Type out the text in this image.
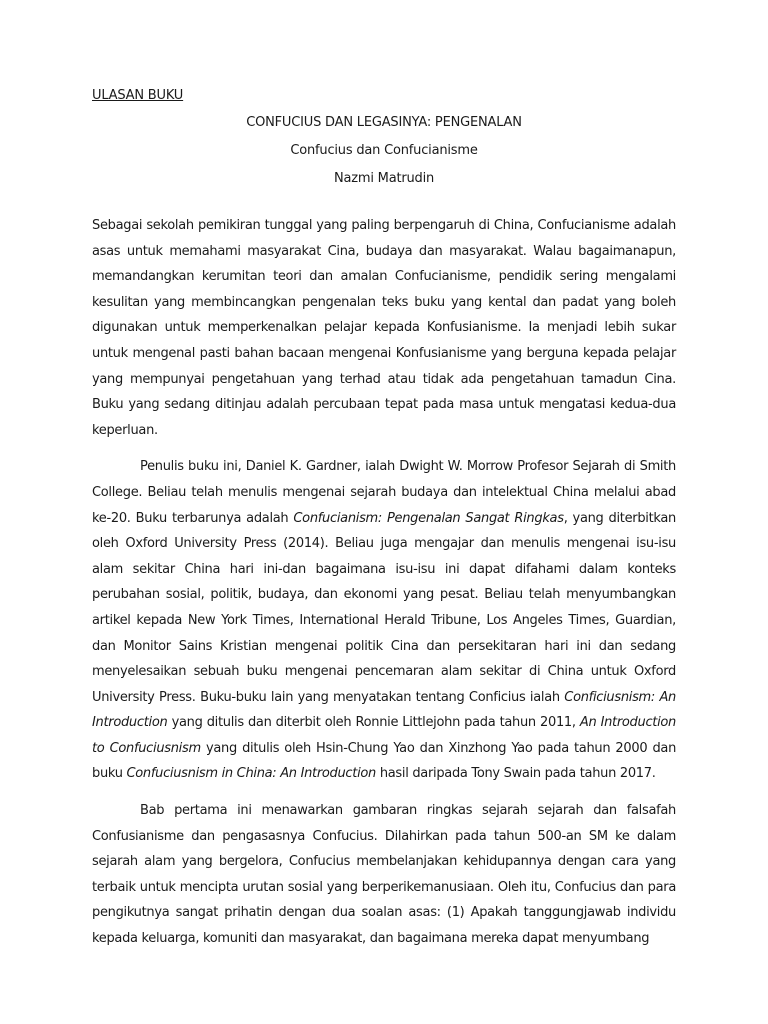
ULASAN BUKU
CONFUCIUS DAN LEGASINYA: PENGENALAN
Confucius dan Confucianisme
Nazmi Matrudin

Sebagai sekolah pemikiran tunggal yang paling berpengaruh di China, Confucianisme adalah asas untuk memahami masyarakat Cina, budaya dan masyarakat. Walau bagaimanapun, memandangkan kerumitan teori dan amalan Confucianisme, pendidik sering mengalami kesulitan yang membincangkan pengenalan teks buku yang kental dan padat yang boleh digunakan untuk memperkenalkan pelajar kepada Konfusianisme. Ia menjadi lebih sukar untuk mengenal pasti bahan bacaan mengenai Konfusianisme yang berguna kepada pelajar yang mempunyai pengetahuan yang terhad atau tidak ada pengetahuan tamadun Cina. Buku yang sedang ditinjau adalah percubaan tepat pada masa untuk mengatasi kedua-dua keperluan.

Penulis buku ini, Daniel K. Gardner, ialah Dwight W. Morrow Profesor Sejarah di Smith College. Beliau telah menulis mengenai sejarah budaya dan intelektual China melalui abad ke-20. Buku terbarunya adalah Confucianism: Pengenalan Sangat Ringkas, yang diterbitkan oleh Oxford University Press (2014). Beliau juga mengajar dan menulis mengenai isu-isu alam sekitar China hari ini-dan bagaimana isu-isu ini dapat difahami dalam konteks perubahan sosial, politik, budaya, dan ekonomi yang pesat. Beliau telah menyumbangkan artikel kepada New York Times, International Herald Tribune, Los Angeles Times, Guardian, dan Monitor Sains Kristian mengenai politik Cina dan persekitaran hari ini dan sedang menyelesaikan sebuah buku mengenai pencemaran alam sekitar di China untuk Oxford University Press. Buku-buku lain yang menyatakan tentang Conficius ialah Conficiusnism: An Introduction yang ditulis dan diterbit oleh Ronnie Littlejohn pada tahun 2011, An Introduction to Confuciusnism yang ditulis oleh Hsin-Chung Yao dan Xinzhong Yao pada tahun 2000 dan buku Confuciusnism in China: An Introduction hasil daripada Tony Swain pada tahun 2017.

Bab pertama ini menawarkan gambaran ringkas sejarah sejarah dan falsafah Confusianisme dan pengasasnya Confucius. Dilahirkan pada tahun 500-an SM ke dalam sejarah alam yang bergelora, Confucius membelanjakan kehidupannya dengan cara yang terbaik untuk mencipta urutan sosial yang berperikemanusiaan. Oleh itu, Confucius dan para pengikutnya sangat prihatin dengan dua soalan asas: (1) Apakah tanggungjawab individu kepada keluarga, komuniti dan masyarakat, dan bagaimana mereka dapat menyumbang
